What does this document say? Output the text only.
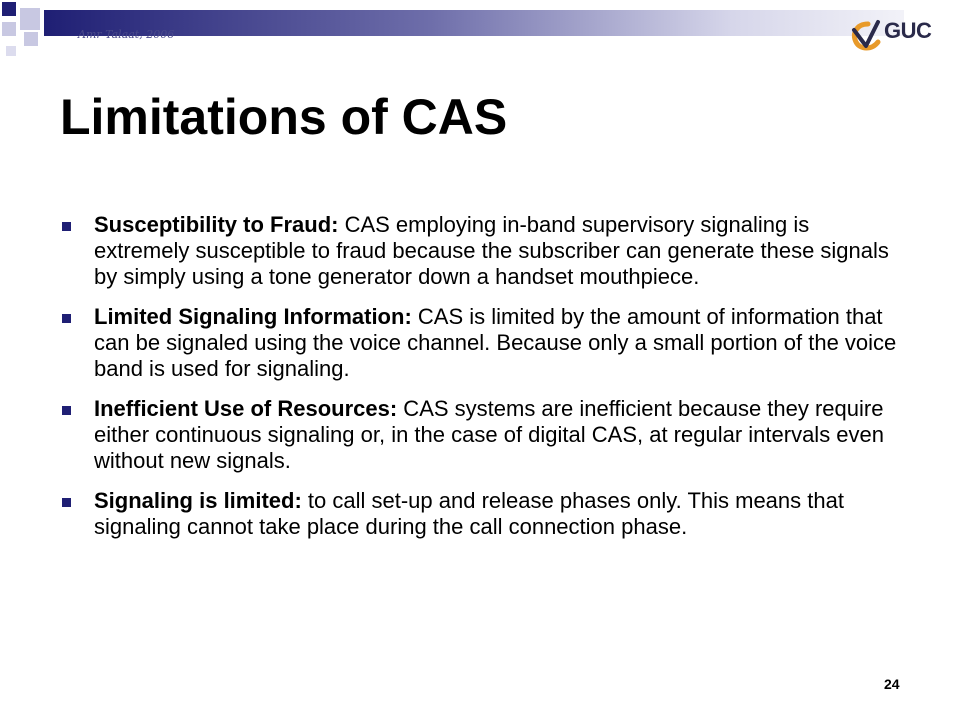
Amr Talaat, 2006	GUC
Limitations of CAS
Susceptibility to Fraud: CAS employing in-band supervisory signaling is extremely susceptible to fraud because the subscriber can generate these signals by simply using a tone generator down a handset mouthpiece.
Limited Signaling Information: CAS is limited by the amount of information that can be signaled using the voice channel. Because only a small portion of the voice band is used for signaling.
Inefficient Use of Resources: CAS systems are inefficient because they require either continuous signaling or, in the case of digital CAS, at regular intervals even without new signals.
Signaling is limited: to call set-up and release phases only. This means that signaling cannot take place during the call connection phase.
24
